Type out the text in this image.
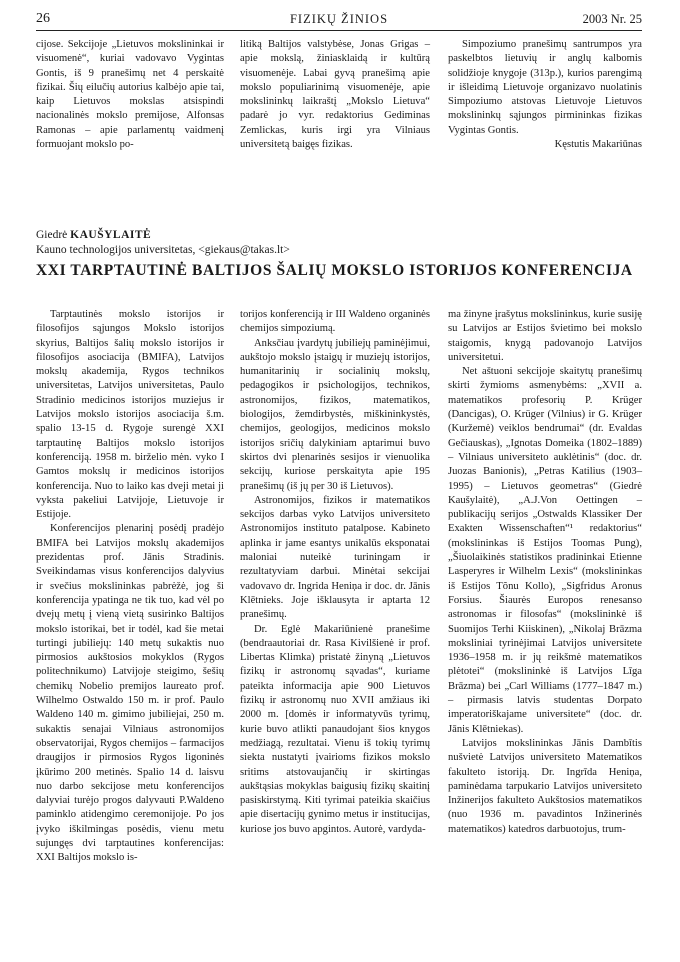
26	FIZIKŲ ŽINIOS	2003 Nr. 25

cijose. Sekcijoje „Lietuvos mokslininkai ir visuomenė“, kuriai vadovavo Vygintas Gontis, iš 9 pranešimų net 4 perskaitė fizikai. Šių eilučių autorius kalbėjo apie tai, kaip Lietuvos mokslas atsispindi nacionalinės mokslo premijose, Alfonsas Ramonas – apie parlamentų vaidmenį formuojant mokslo po-

litiką Baltijos valstybėse, Jonas Grigas – apie mokslą, žiniasklaidą ir kultūrą visuomenėje. Labai gyvą pranešimą apie mokslo populiarinimą visuomenėje, apie mokslininkų laikraštį „Mokslo Lietuva“ padarė jo vyr. redaktorius Gediminas Zemlickas, kuris irgi yra Vilniaus universitetą baigęs fizikas.

Simpoziumo pranešimų santrumpos yra paskelbtos lietuvių ir anglų kalbomis solidžioje knygoje (313p.), kurios parengimą ir išleidimą Lietuvoje organizavo nuolatinis Simpoziumo atstovas Lietuvoje Lietuvos mokslininkų sąjungos pirmininkas fizikas Vygintas Gontis.

Kęstutis Makariūnas
Giedrė KAUŠYLAITĖ
Kauno technologijos universitetas, <giekaus@takas.lt>
XXI TARPTAUTINĖ BALTIJOS ŠALIŲ MOKSLO ISTORIJOS KONFERENCIJA

Tarptautinės mokslo istorijos ir filosofijos sąjungos Mokslo istorijos skyrius, Baltijos šalių mokslo istorijos ir filosofijos asociacija (BMIFA), Latvijos mokslų akademija, Rygos technikos universitetas, Latvijos universitetas, Paulo Stradinio medicinos istorijos muziejus ir Latvijos mokslo istorijos asociacija š.m. spalio 13-15 d. Rygoje surengė XXI tarptautinę Baltijos mokslo istorijos konferenciją. 1958 m. birželio mėn. vyko I Gamtos mokslų ir medicinos istorijos konferencija. Nuo to laiko kas dveji metai ji vyksta pakeliui Latvijoje, Lietuvoje ir Estijoje.

Konferencijos plenarinį posėdį pradėjo BMIFA bei Latvijos mokslų akademijos prezidentas prof. Jānis Stradinis. Sveikindamas visus konferencijos dalyvius ir svečius mokslininkas pabrėžė, jog ši konferencija ypatinga ne tik tuo, kad vėl po dvejų metų į vieną vietą susirinko Baltijos mokslo istorikai, bet ir todėl, kad šie metai turtingi jubiliejų: 140 metų sukaktis nuo pirmosios aukštosios mokyklos (Rygos politechnikumo) Latvijoje steigimo, šešių chemikų Nobelio premijos laureato prof. Wilhelmo Ostwaldo 150 m. ir prof. Paulo Waldeno 140 m. gimimo jubiliejai, 250 m. sukaktis senajai Vilniaus astronomijos observatorijai, Rygos chemijos – farmacijos draugijos ir pirmosios Rygos ligoninės įkūrimo 200 metinės. Spalio 14 d. laisvu nuo darbo sekcijose metu konferencijos dalyviai turėjo progos dalyvauti P.Waldeno paminklo atidengimo ceremonijoje. Po jos įvyko iškilmingas posėdis, vienu metu sujungęs dvi tarptautines konferencijas: XXI Baltijos mokslo is-

torijos konferenciją ir III Waldeno organinės chemijos simpoziumą.

Anksčiau įvardytų jubiliejų paminėjimui, aukštojo mokslo įstaigų ir muziejų istorijos, humanitarinių ir socialinių mokslų, pedagogikos ir psichologijos, technikos, astronomijos, fizikos, matematikos, biologijos, žemdirbystės, miškininkystės, chemijos, geologijos, medicinos mokslo istorijos sričių dalykiniam aptarimui buvo skirtos dvi plenarinės sesijos ir vienuolika sekcijų, kuriose perskaityta apie 195 pranešimų (iš jų per 30 iš Lietuvos).

Astronomijos, fizikos ir matematikos sekcijos darbas vyko Latvijos universiteto Astronomijos instituto patalpose. Kabineto aplinka ir jame esantys unikalūs eksponatai maloniai nuteikė turiningam ir rezultatyviam darbui. Minėtai sekcijai vadovavo dr. Ingrida Heniņa ir doc. dr. Jānis Klētnieks. Joje išklausyta ir aptarta 12 pranešimų.

Dr. Eglė Makariūnienė pranešime (bendraautoriai dr. Rasa Kivilšienė ir prof. Libertas Klimka) pristatė žinyną „Lietuvos fizikų ir astronomų sąvadas“, kuriame pateikta informacija apie 900 Lietuvos fizikų ir astronomų nuo XVII amžiaus iki 2000 m. [domės ir informatyvūs tyrimų, kurie buvo atlikti panaudojant šios knygos medžiagą, rezultatai. Vienu iš tokių tyrimų siekta nustatyti įvairioms fizikos mokslo sritims atstovaujančių ir skirtingas aukštąsias mokyklas baigusių fizikų skaitinį pasiskirstymą. Kiti tyrimai pateikia skaičius apie disertacijų gynimo metus ir institucijas, kuriose jos buvo apgintos. Autorė, vardyda-

ma žinyne įrašytus mokslininkus, kurie susiję su Latvijos ar Estijos švietimo bei mokslo staigomis, knygą padovanojo Latvijos universitetui.

Net aštuoni sekcijoje skaitytų pranešimų skirti žymioms asmenybėms: „XVII a. matematikos profesorių P. Krüger (Dancigas), O. Krüger (Vilnius) ir G. Krüger (Kuržemė) veiklos bendrumai“ (dr. Evaldas Gečiauskas), „Ignotas Domeika (1802–1889) – Vilniaus universiteto auklėtinis“ (doc. dr. Juozas Banionis), „Petras Katilius (1903–1995) – Lietuvos geometras“ (Giedrė Kaušylaitė), „A.J.Von Oettingen – publikacijų serijos „Ostwalds Klassiker Der Exakten Wissenschaften“¹ redaktorius“ (mokslininkas iš Estijos Toomas Pung), „Šiuolaikinės statistikos pradininkai Etienne Lasperyres ir Wilhelm Lexis“ (mokslininkas iš Estijos Tõnu Kollo), „Sigfridus Aronus Forsius. Šiaurės Europos renesanso astronomas ir filosofas“ (mokslininkė iš Suomijos Terhi Kiiskinen), „Nikolaj Brāzma moksliniai tyrinėjimai Latvijos universitete 1936–1958 m. ir jų reikšmė matematikos plėtotei“ (mokslininkė iš Latvijos Līga Brāzma) bei „Carl Williams (1777–1847 m.) – pirmasis latvis studentas Dorpato imperatoriškajame universitete“ (doc. dr. Jānis Klētniekas).

Latvijos mokslininkas Jānis Dambītis nušvietė Latvijos universiteto Matematikos fakulteto istoriją. Dr. Ingrīda Heniņa, paminėdama tarpukario Latvijos universiteto Inžinerijos fakulteto Aukštosios matematikos (nuo 1936 m. pavadintos Inžinerinės matematikos) katedros darbuotojus, trum-
